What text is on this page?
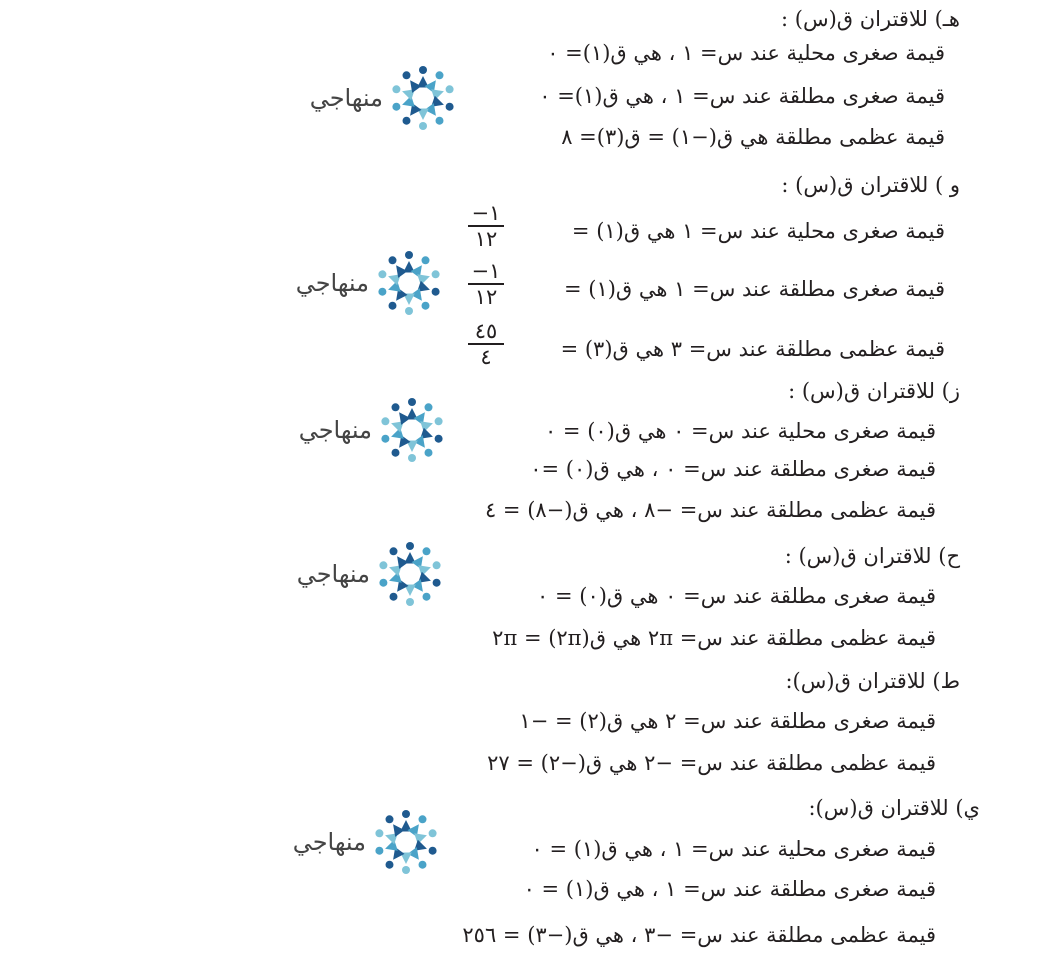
هـ) للاقتران ق(س) :
قيمة صغرى محلية عند س= ١ ، هي ق(١)= ٠
قيمة صغرى مطلقة عند س= ١ ، هي ق(١)= ٠
قيمة عظمى مطلقة هي ق(−١) = ق(٣)= ٨
و ) للاقتران ق(س) :
قيمة صغرى محلية عند س= ١ هي ق(١) =
−١
١٢
قيمة صغرى مطلقة عند س= ١ هي ق(١) =
−١
١٢
قيمة عظمى مطلقة عند س= ٣ هي ق(٣) =
٤٥
٤
ز) للاقتران ق(س) :
قيمة صغرى محلية عند س= ٠ هي ق(٠) = ٠
قيمة صغرى مطلقة عند س= ٠ ، هي ق(٠) =٠
قيمة عظمى مطلقة عند س= −٨ ، هي ق(−٨) = ٤
ح) للاقتران ق(س) :
قيمة صغرى مطلقة عند س= ٠ هي ق(٠) = ٠
قيمة عظمى مطلقة عند س= ٢π هي ق(٢π) = ٢π
ط) للاقتران ق(س):
قيمة صغرى مطلقة عند س= ٢ هي ق(٢) = −١
قيمة عظمى مطلقة عند س= −٢ هي ق(−٢) = ٢٧
ي) للاقتران ق(س):
قيمة صغرى محلية عند س= ١ ، هي ق(١) = ٠
قيمة صغرى مطلقة عند س= ١ ، هي ق(١) = ٠
قيمة عظمى مطلقة عند س= −٣ ، هي ق(−٣) = ٢٥٦
منهاجي
منهاجي
منهاجي
منهاجي
منهاجي
